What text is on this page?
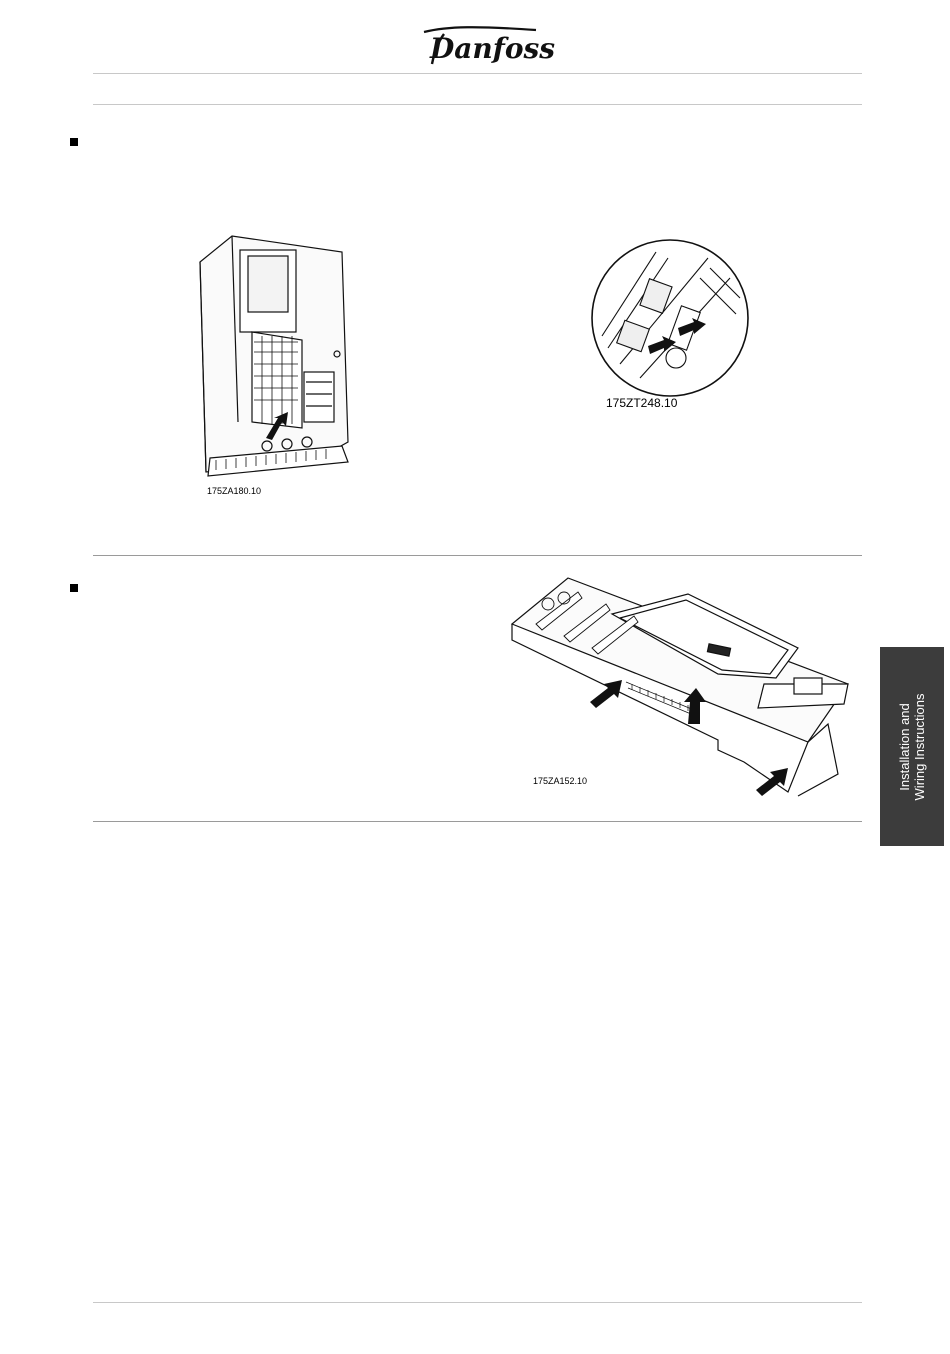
Danfoss
175ZA180.10
175ZT248.10
175ZA152.10	Installation and Wiring Instructions
